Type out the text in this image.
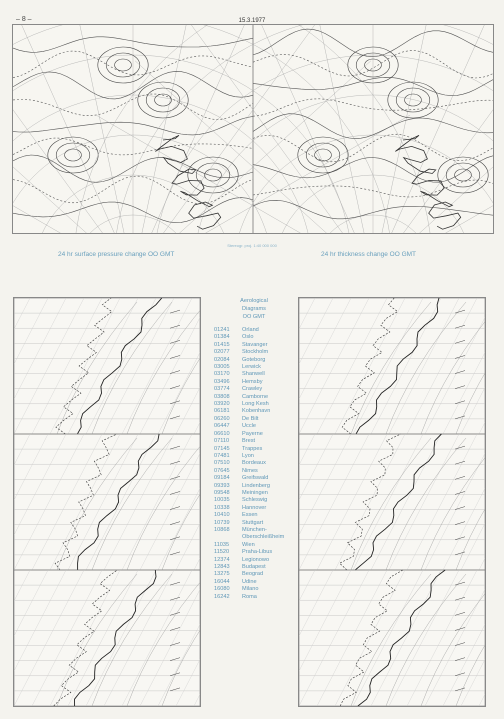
– 8 –	15.3.1977
Stereogr. proj. 1:40 000 000
24 hr surface pressure change OO GMT	24 hr thickness change OO GMT
Aerological
Diagrams
OO GMT
01241	Orland
01384	Oslo
01415	Stavanger
02077	Stockholm
02084	Goteborg
03005	Lerwick
03170	Shanwell
03496	Hemsby
03774	Crawley
03808	Camborne
03920	Long Kesh
06181	Kobenhavn
06260	De Bilt
06447	Uccle
06610	Payerne
07110	Brest
07145	Trappes
07481	Lyon
07510	Bordeaux
07645	Nimes
09184	Greifswald
09393	Lindenberg
09548	Meiningen
10035	Schleswig
10338	Hannover
10410	Essen
10739	Stuttgart
10868	München-
Oberschleißheim
11035	Wien
11520	Praha-Libus
12374	Legionowo
12843	Budapest
13275	Beograd
16044	Udine
16080	Milano
16242	Roma
